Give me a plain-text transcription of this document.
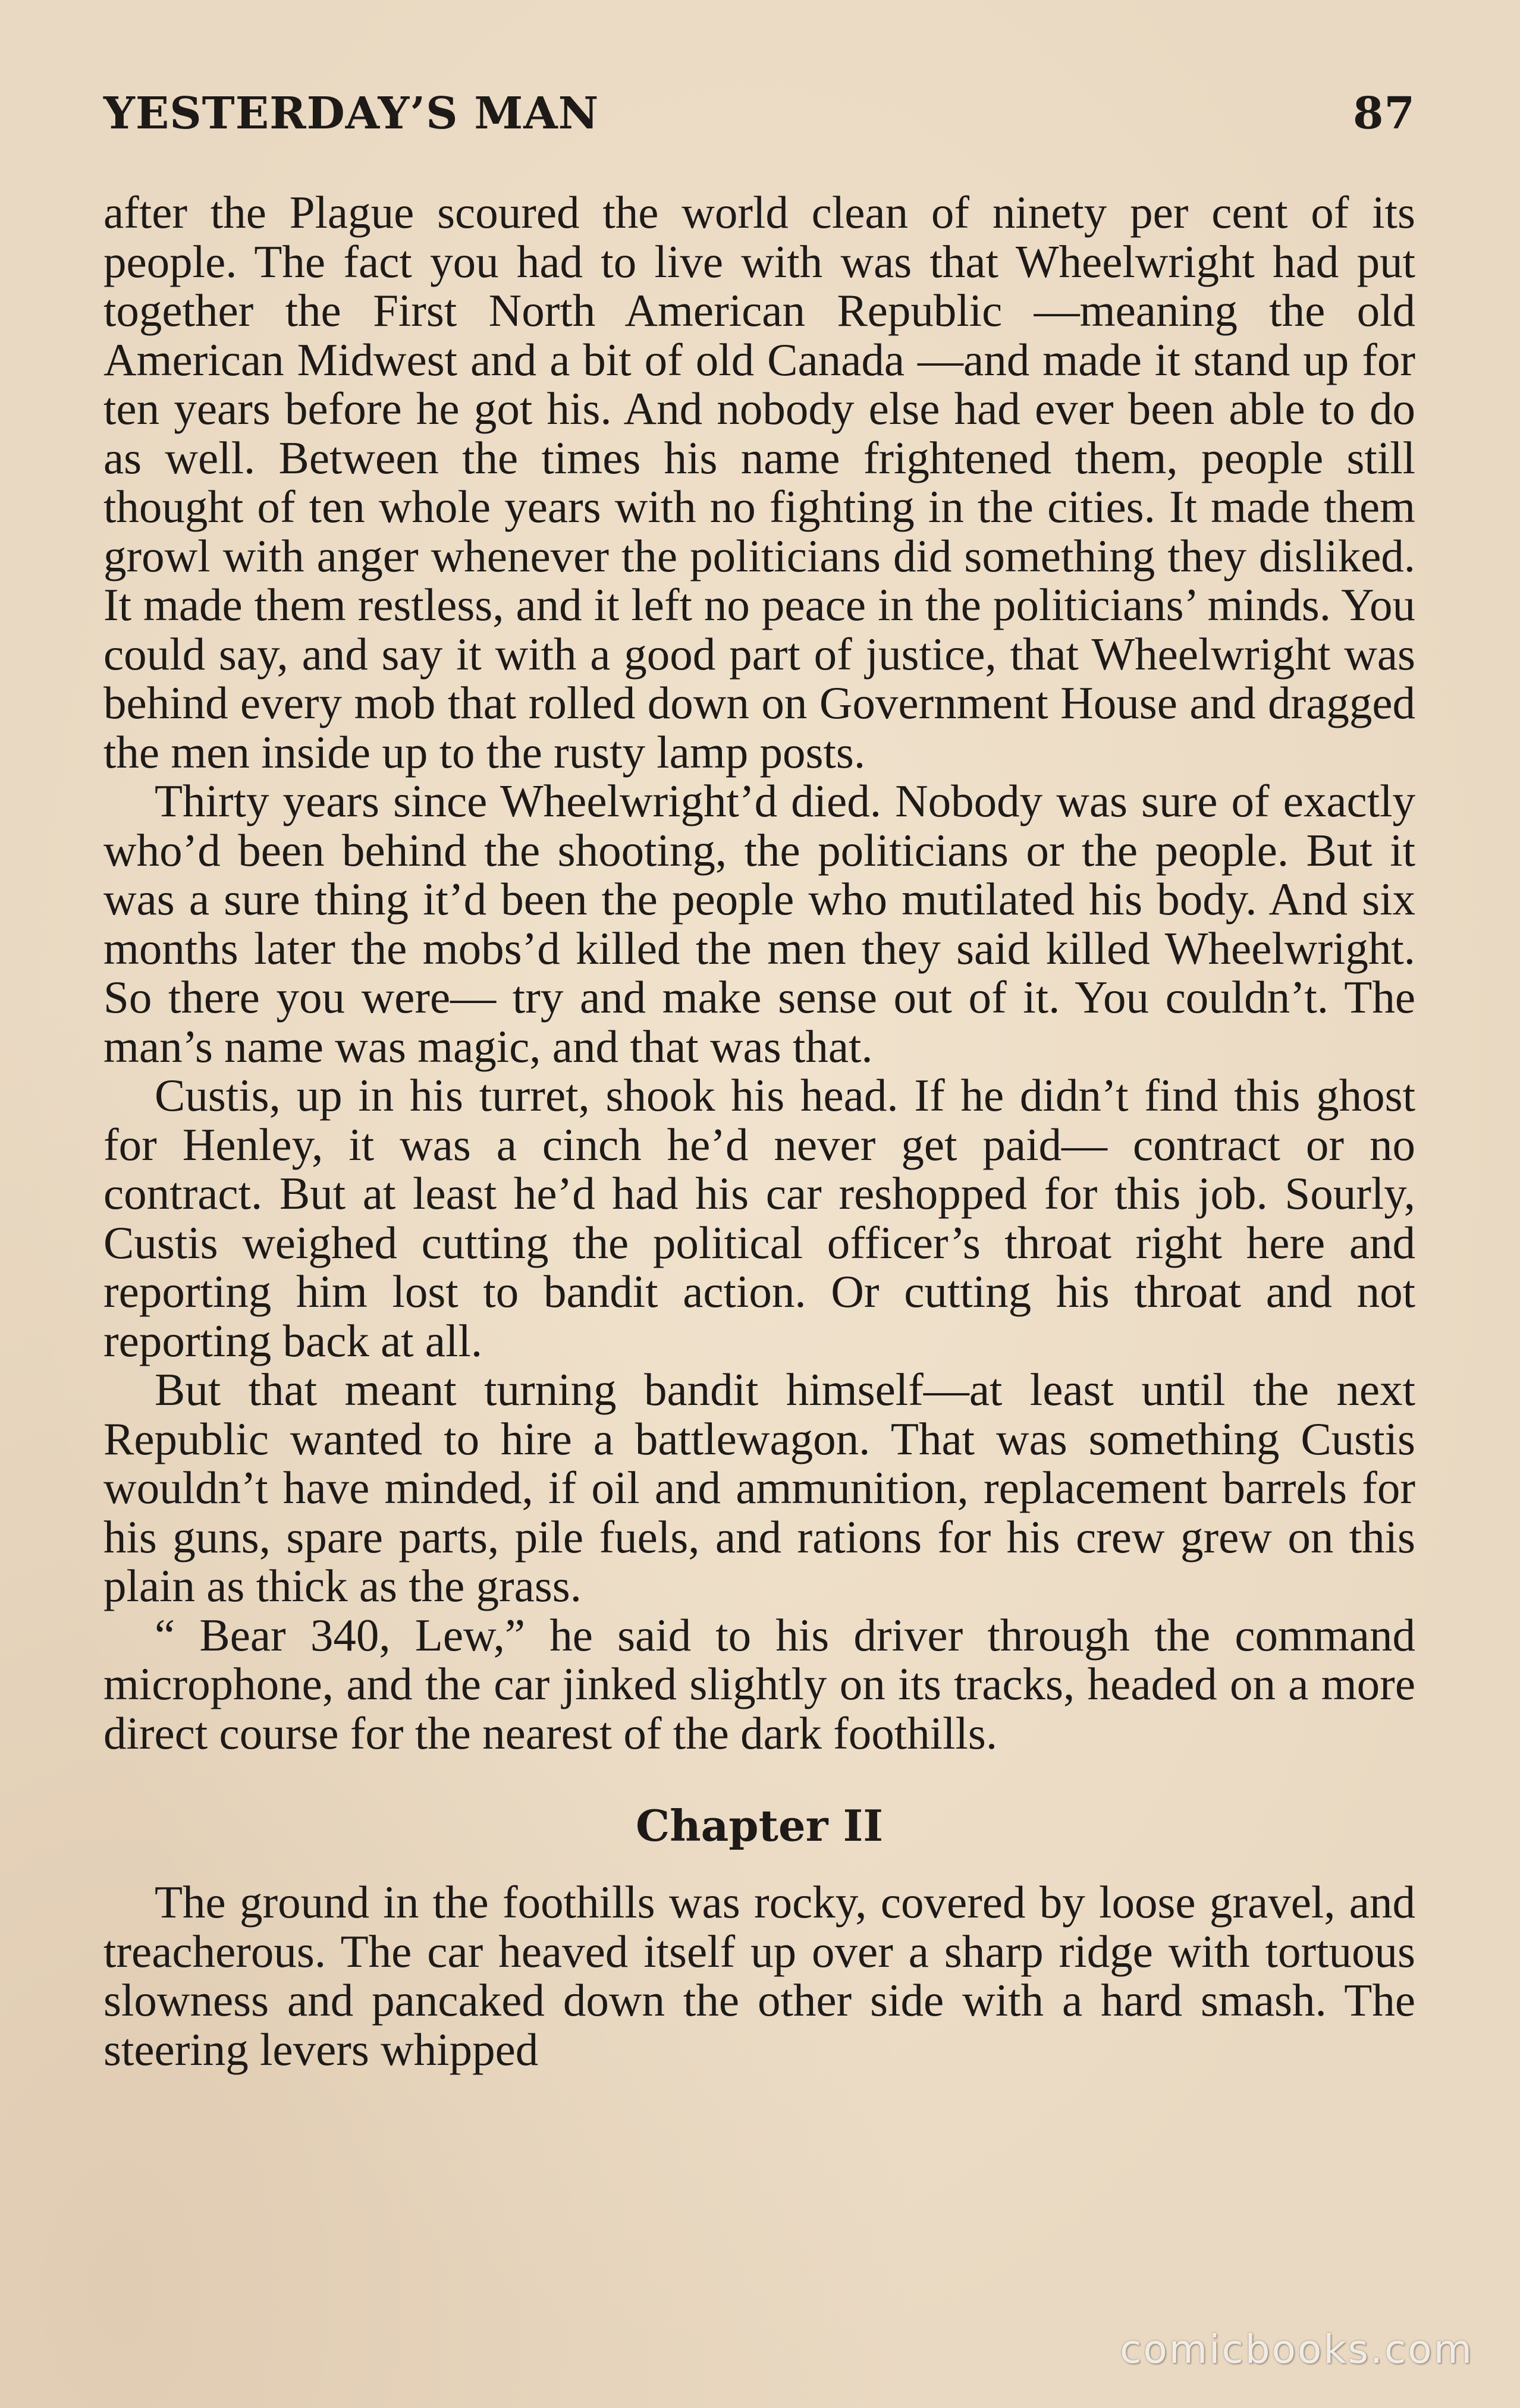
YESTERDAY’S MAN	87

after the Plague scoured the world clean of ninety per cent of its people. The fact you had to live with was that Wheelwright had put together the First North American Republic —meaning the old American Midwest and a bit of old Canada —and made it stand up for ten years before he got his. And nobody else had ever been able to do as well. Between the times his name frightened them, people still thought of ten whole years with no fighting in the cities. It made them growl with anger whenever the politicians did something they disliked. It made them restless, and it left no peace in the politicians’ minds. You could say, and say it with a good part of justice, that Wheelwright was behind every mob that rolled down on Government House and dragged the men inside up to the rusty lamp posts.

Thirty years since Wheelwright’d died. Nobody was sure of exactly who’d been behind the shooting, the politicians or the people. But it was a sure thing it’d been the people who mutilated his body. And six months later the mobs’d killed the men they said killed Wheelwright. So there you were— try and make sense out of it. You couldn’t. The man’s name was magic, and that was that.

Custis, up in his turret, shook his head. If he didn’t find this ghost for Henley, it was a cinch he’d never get paid— contract or no contract. But at least he’d had his car reshopped for this job. Sourly, Custis weighed cutting the political officer’s throat right here and reporting him lost to bandit action. Or cutting his throat and not reporting back at all.

But that meant turning bandit himself—at least until the next Republic wanted to hire a battlewagon. That was something Custis wouldn’t have minded, if oil and ammunition, replacement barrels for his guns, spare parts, pile fuels, and rations for his crew grew on this plain as thick as the grass.

“ Bear 340, Lew,” he said to his driver through the command microphone, and the car jinked slightly on its tracks, headed on a more direct course for the nearest of the dark foothills.

Chapter II

The ground in the foothills was rocky, covered by loose gravel, and treacherous. The car heaved itself up over a sharp ridge with tortuous slowness and pancaked down the other side with a hard smash. The steering levers whipped

comicbooks.com
